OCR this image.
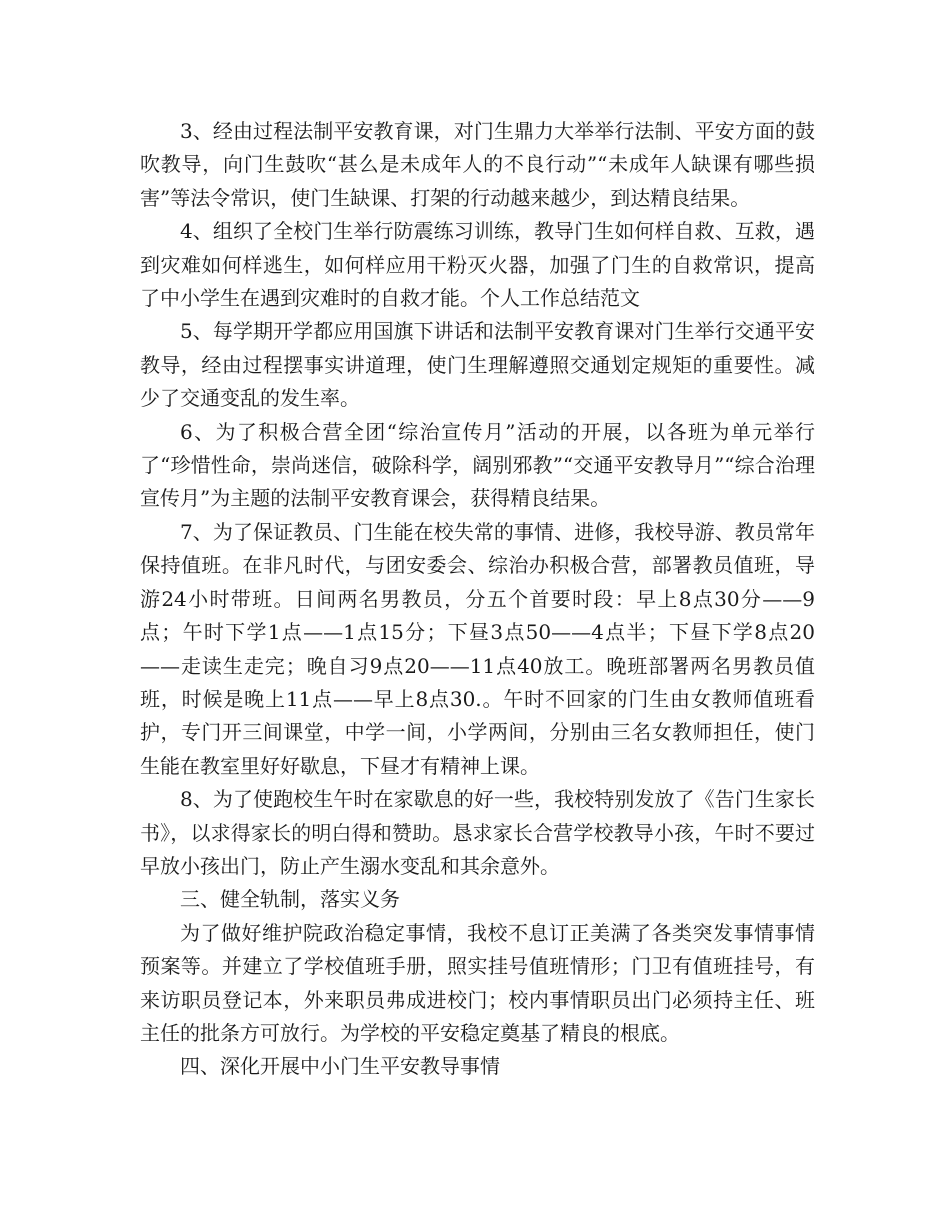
3、经由过程法制平安教育课，对门生鼎力大举举行法制、平安方面的鼓吹教导，向门生鼓吹“甚么是未成年人的不良行动”“未成年人缺课有哪些损害”等法令常识，使门生缺课、打架的行动越来越少，到达精良结果。

4、组织了全校门生举行防震练习训练，教导门生如何样自救、互救，遇到灾难如何样逃生，如何样应用干粉灭火器，加强了门生的自救常识，提高了中小学生在遇到灾难时的自救才能。个人工作总结范文

5、每学期开学都应用国旗下讲话和法制平安教育课对门生举行交通平安教导，经由过程摆事实讲道理，使门生理解遵照交通划定规矩的重要性。减少了交通变乱的发生率。

6、为了积极合营全团“综治宣传月”活动的开展，以各班为单元举行了“珍惜性命，崇尚迷信，破除科学，阔别邪教”“交通平安教导月”“综合治理宣传月”为主题的法制平安教育课会，获得精良结果。

7、为了保证教员、门生能在校失常的事情、进修，我校导游、教员常年保持值班。在非凡时代，与团安委会、综治办积极合营，部署教员值班，导游24小时带班。日间两名男教员，分五个首要时段：早上8点30分——9点；午时下学1点——1点15分；下昼3点50——4点半；下昼下学8点20——走读生走完；晚自习9点20——11点40放工。晚班部署两名男教员值班，时候是晚上11点——早上8点30.。午时不回家的门生由女教师值班看护，专门开三间课堂，中学一间，小学两间，分别由三名女教师担任，使门生能在教室里好好歇息，下昼才有精神上课。

8、为了使跑校生午时在家歇息的好一些，我校特别发放了《告门生家长书》，以求得家长的明白得和赞助。恳求家长合营学校教导小孩，午时不要过早放小孩出门，防止产生溺水变乱和其余意外。

三、健全轨制，落实义务

为了做好维护院政治稳定事情，我校不息订正美满了各类突发事情事情预案等。并建立了学校值班手册，照实挂号值班情形；门卫有值班挂号，有来访职员登记本，外来职员弗成进校门；校内事情职员出门必须持主任、班主任的批条方可放行。为学校的平安稳定奠基了精良的根底。

四、深化开展中小门生平安教导事情
